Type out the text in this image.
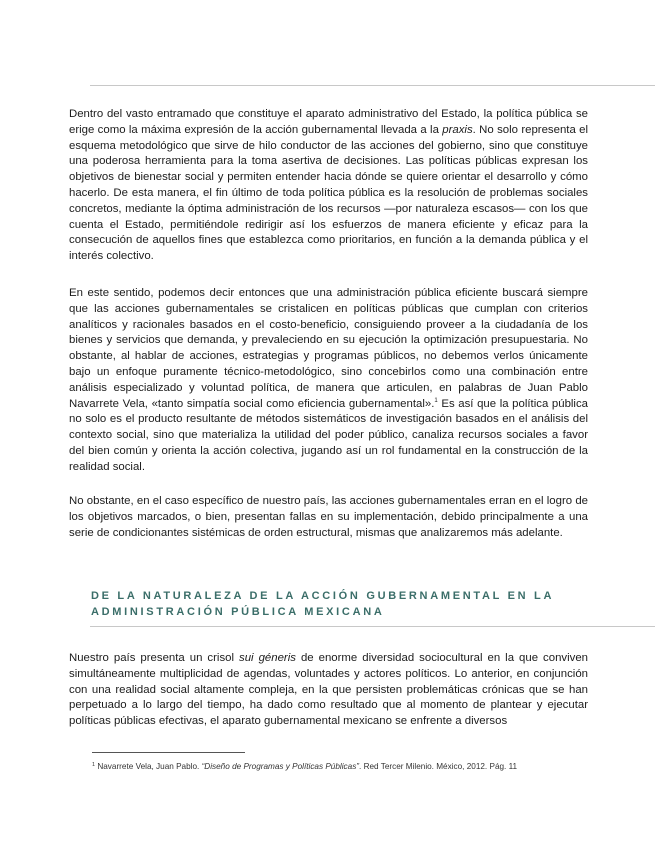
Dentro del vasto entramado que constituye el aparato administrativo del Estado, la política pública se erige como la máxima expresión de la acción gubernamental llevada a la praxis. No solo representa el esquema metodológico que sirve de hilo conductor de las acciones del gobierno, sino que constituye una poderosa herramienta para la toma asertiva de decisiones. Las políticas públicas expresan los objetivos de bienestar social y permiten entender hacia dónde se quiere orientar el desarrollo y cómo hacerlo. De esta manera, el fin último de toda política pública es la resolución de problemas sociales concretos, mediante la óptima administración de los recursos —por naturaleza escasos— con los que cuenta el Estado, permitiéndole redirigir así los esfuerzos de manera eficiente y eficaz para la consecución de aquellos fines que establezca como prioritarios, en función a la demanda pública y el interés colectivo.

En este sentido, podemos decir entonces que una administración pública eficiente buscará siempre que las acciones gubernamentales se cristalicen en políticas públicas que cumplan con criterios analíticos y racionales basados en el costo-beneficio, consiguiendo proveer a la ciudadanía de los bienes y servicios que demanda, y prevaleciendo en su ejecución la optimización presupuestaria. No obstante, al hablar de acciones, estrategias y programas públicos, no debemos verlos únicamente bajo un enfoque puramente técnico-metodológico, sino concebirlos como una combinación entre análisis especializado y voluntad política, de manera que articulen, en palabras de Juan Pablo Navarrete Vela, «tanto simpatía social como eficiencia gubernamental».$^1$ Es así que la política pública no solo es el producto resultante de métodos sistemáticos de investigación basados en el análisis del contexto social, sino que materializa la utilidad del poder público, canaliza recursos sociales a favor del bien común y orienta la acción colectiva, jugando así un rol fundamental en la construcción de la realidad social.

No obstante, en el caso específico de nuestro país, las acciones gubernamentales erran en el logro de los objetivos marcados, o bien, presentan fallas en su implementación, debido principalmente a una serie de condicionantes sistémicas de orden estructural, mismas que analizaremos más adelante.

DE LA NATURALEZA DE LA ACCIÓN GUBERNAMENTAL EN LA
ADMINISTRACIÓN PÚBLICA MEXICANA

Nuestro país presenta un crisol sui géneris de enorme diversidad sociocultural en la que conviven simultáneamente multiplicidad de agendas, voluntades y actores políticos. Lo anterior, en conjunción con una realidad social altamente compleja, en la que persisten problemáticas crónicas que se han perpetuado a lo largo del tiempo, ha dado como resultado que al momento de plantear y ejecutar políticas públicas efectivas, el aparato gubernamental mexicano se enfrente a diversos

$^1$ Navarrete Vela, Juan Pablo. “Diseño de Programas y Políticas Públicas”. Red Tercer Milenio. México, 2012. Pág. 11
